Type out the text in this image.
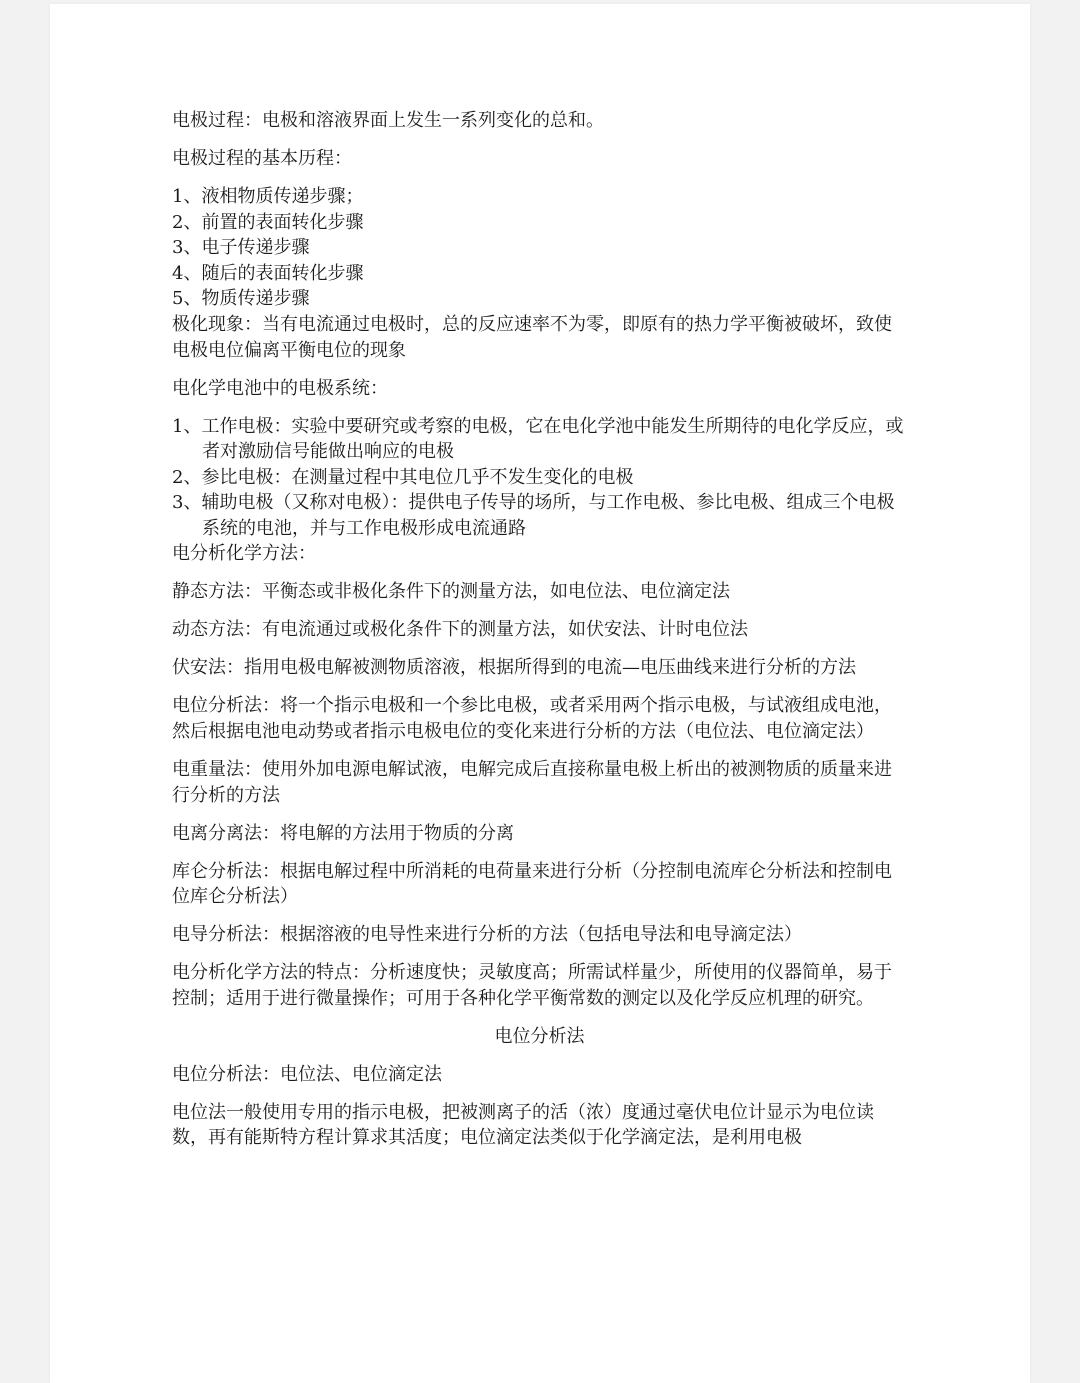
电极过程：电极和溶液界面上发生一系列变化的总和。

电极过程的基本历程：

1、液相物质传递步骤；
2、前置的表面转化步骤
3、电子传递步骤
4、随后的表面转化步骤
5、物质传递步骤

极化现象：当有电流通过电极时，总的反应速率不为零，即原有的热力学平衡被破坏，致使电极电位偏离平衡电位的现象

电化学电池中的电极系统：

1、工作电极：实验中要研究或考察的电极，它在电化学池中能发生所期待的电化学反应，或者对激励信号能做出响应的电极
2、参比电极：在测量过程中其电位几乎不发生变化的电极
3、辅助电极（又称对电极）：提供电子传导的场所，与工作电极、参比电极、组成三个电极系统的电池，并与工作电极形成电流通路

电分析化学方法：

静态方法：平衡态或非极化条件下的测量方法，如电位法、电位滴定法

动态方法：有电流通过或极化条件下的测量方法，如伏安法、计时电位法

伏安法：指用电极电解被测物质溶液，根据所得到的电流—电压曲线来进行分析的方法

电位分析法：将一个指示电极和一个参比电极，或者采用两个指示电极，与试液组成电池，然后根据电池电动势或者指示电极电位的变化来进行分析的方法（电位法、电位滴定法）

电重量法：使用外加电源电解试液，电解完成后直接称量电极上析出的被测物质的质量来进行分析的方法

电离分离法：将电解的方法用于物质的分离

库仑分析法：根据电解过程中所消耗的电荷量来进行分析（分控制电流库仑分析法和控制电位库仑分析法）

电导分析法：根据溶液的电导性来进行分析的方法（包括电导法和电导滴定法）

电分析化学方法的特点：分析速度快；灵敏度高；所需试样量少，所使用的仪器简单，易于控制；适用于进行微量操作；可用于各种化学平衡常数的测定以及化学反应机理的研究。

电位分析法

电位分析法：电位法、电位滴定法

电位法一般使用专用的指示电极，把被测离子的活（浓）度通过毫伏电位计显示为电位读数，再有能斯特方程计算求其活度；电位滴定法类似于化学滴定法，是利用电极
